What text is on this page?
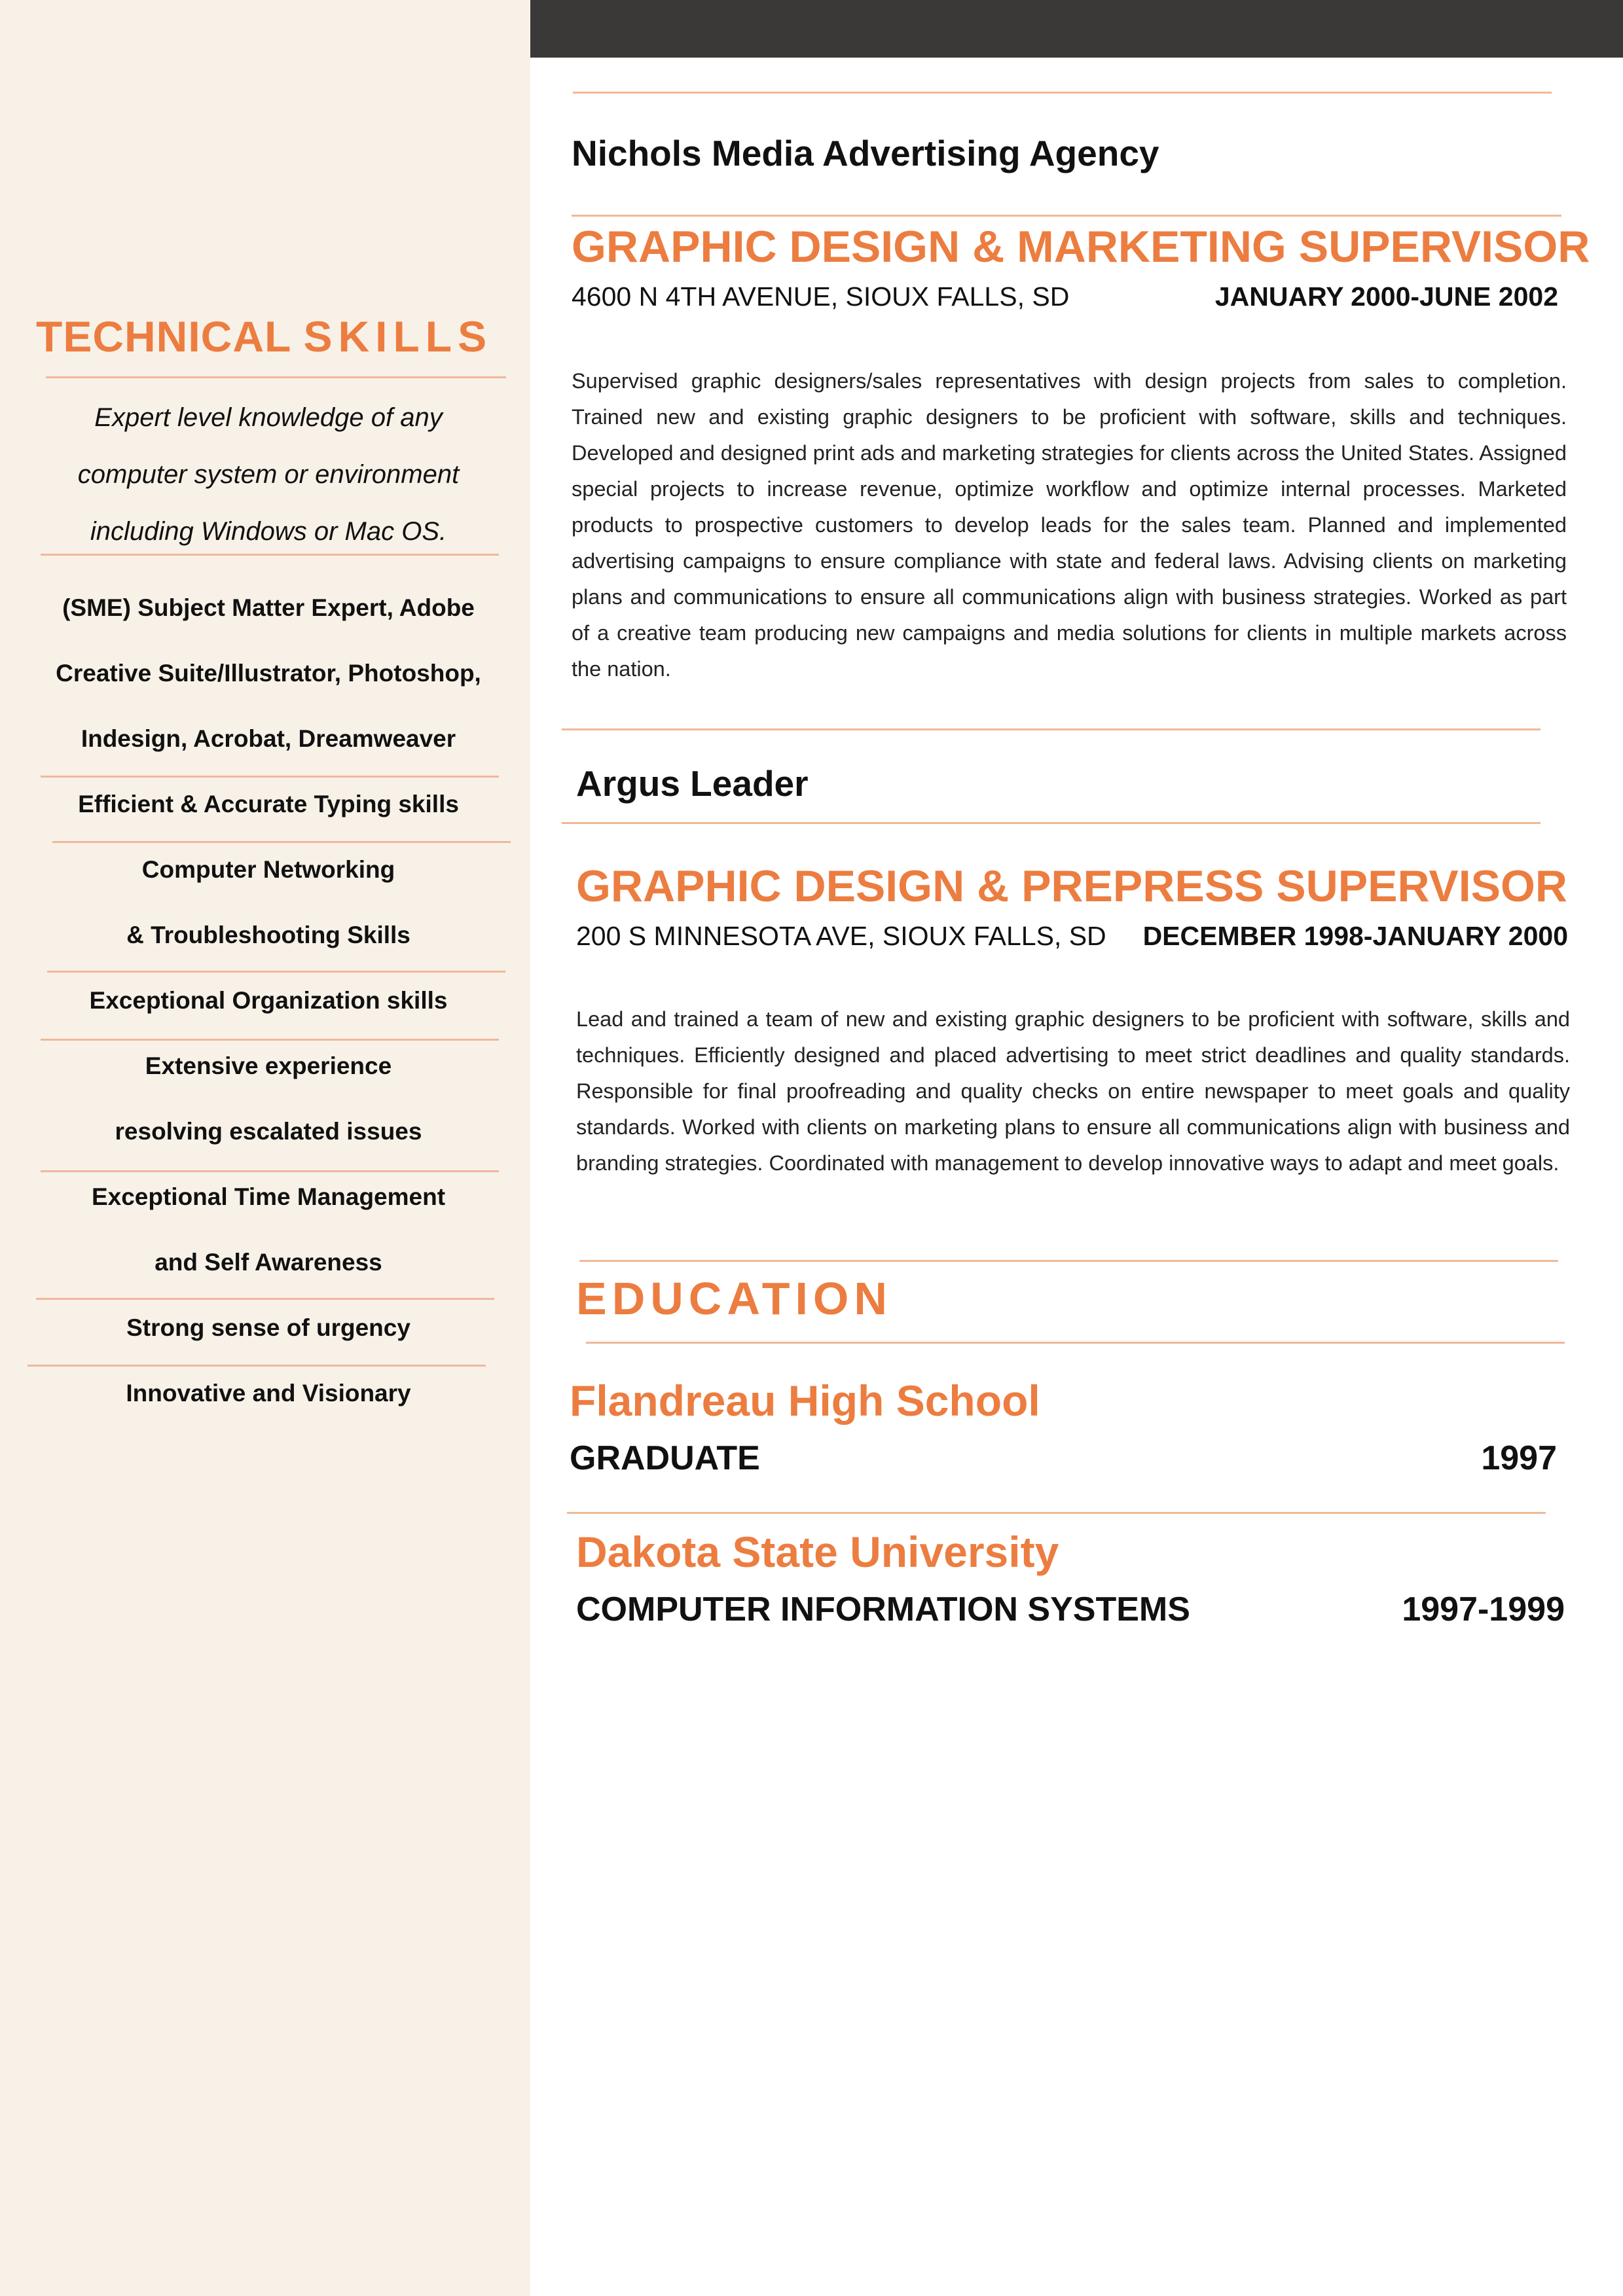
TECHNICAL SKILLS
Expert level knowledge of any
computer system or environment
including Windows or Mac OS.
(SME) Subject Matter Expert, Adobe
Creative Suite/Illustrator, Photoshop,
Indesign, Acrobat, Dreamweaver
Efficient & Accurate Typing skills
Computer Networking
& Troubleshooting Skills
Exceptional Organization skills
Extensive experience
resolving escalated issues
Exceptional Time Management
and Self Awareness
Strong sense of urgency
Innovative and Visionary
Nichols Media Advertising Agency
GRAPHIC DESIGN & MARKETING SUPERVISOR
4600 N 4TH AVENUE, SIOUX FALLS, SD	JANUARY 2000-JUNE 2002
Supervised graphic designers/sales representatives with design projects from sales to completion. Trained new and existing graphic designers to be proficient with software, skills and techniques. Developed and designed print ads and marketing strategies for clients across the United States. Assigned special projects to increase revenue, optimize workflow and optimize internal processes. Marketed products to prospective customers to develop leads for the sales team. Planned and implemented advertising campaigns to ensure compliance with state and federal laws. Advising clients on marketing plans and communications to ensure all communications align with business strategies. Worked as part of a creative team producing new campaigns and media solutions for clients in multiple markets across the nation.
Argus Leader
GRAPHIC DESIGN & PREPRESS SUPERVISOR
200 S MINNESOTA AVE, SIOUX FALLS, SD	DECEMBER 1998-JANUARY 2000
Lead and trained a team of new and existing graphic designers to be proficient with software, skills and techniques. Efficiently designed and placed advertising to meet strict deadlines and quality standards. Responsible for final proofreading and quality checks on entire newspaper to meet goals and quality standards. Worked with clients on marketing plans to ensure all communications align with business and branding strategies. Coordinated with management to develop innovative ways to adapt and meet goals.
EDUCATION
Flandreau High School
GRADUATE	1997
Dakota State University
COMPUTER INFORMATION SYSTEMS	1997-1999
